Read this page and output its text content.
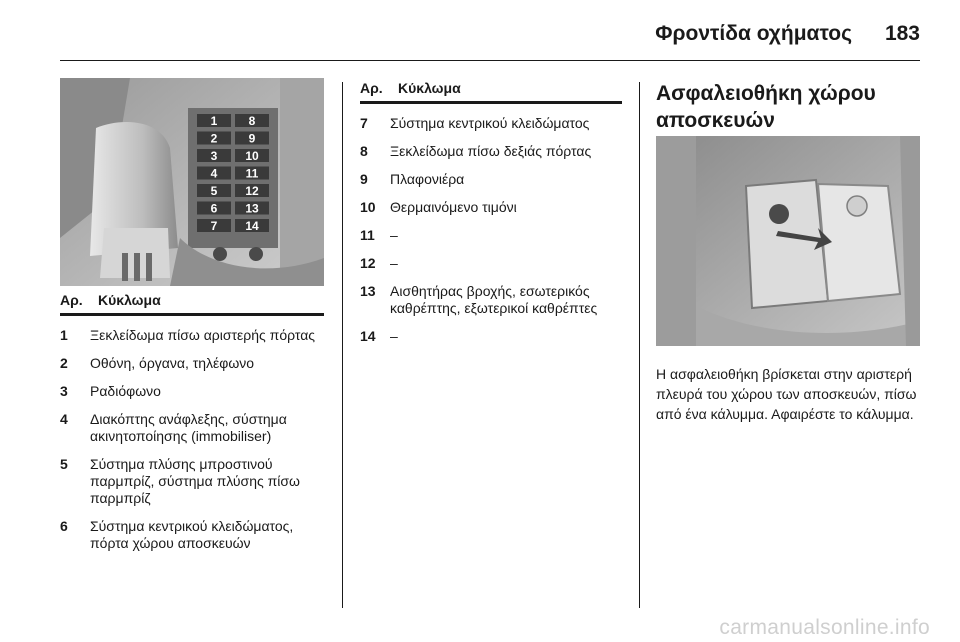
Φροντίδα οχήματος 183
1
2
3
4
5
6
7
8
9
10
11
12
13
14
Αρ.	Κύκλωμα
1	Ξεκλείδωμα πίσω αριστερής πόρτας
2	Οθόνη, όργανα, τηλέφωνο
3	Ραδιόφωνο
4	Διακόπτης ανάφλεξης, σύστημα ακινητοποίησης (immobiliser)
5	Σύστημα πλύσης μπροστινού παρμπρίζ, σύστημα πλύσης πίσω παρμπρίζ
6	Σύστημα κεντρικού κλειδώματος, πόρτα χώρου αποσκευών
Αρ.	Κύκλωμα
7	Σύστημα κεντρικού κλειδώματος
8	Ξεκλείδωμα πίσω δεξιάς πόρτας
9	Πλαφονιέρα
10	Θερμαινόμενο τιμόνι
11	–
12	–
13	Αισθητήρας βροχής, εσωτερικός καθρέπτης, εξωτερικοί καθρέπτες
14	–
Ασφαλειοθήκη χώρου αποσκευών
Η ασφαλειοθήκη βρίσκεται στην αριστερή πλευρά του χώρου των αποσκευών, πίσω από ένα κάλυμμα. Αφαιρέστε το κάλυμμα.
carmanualsonline.info
